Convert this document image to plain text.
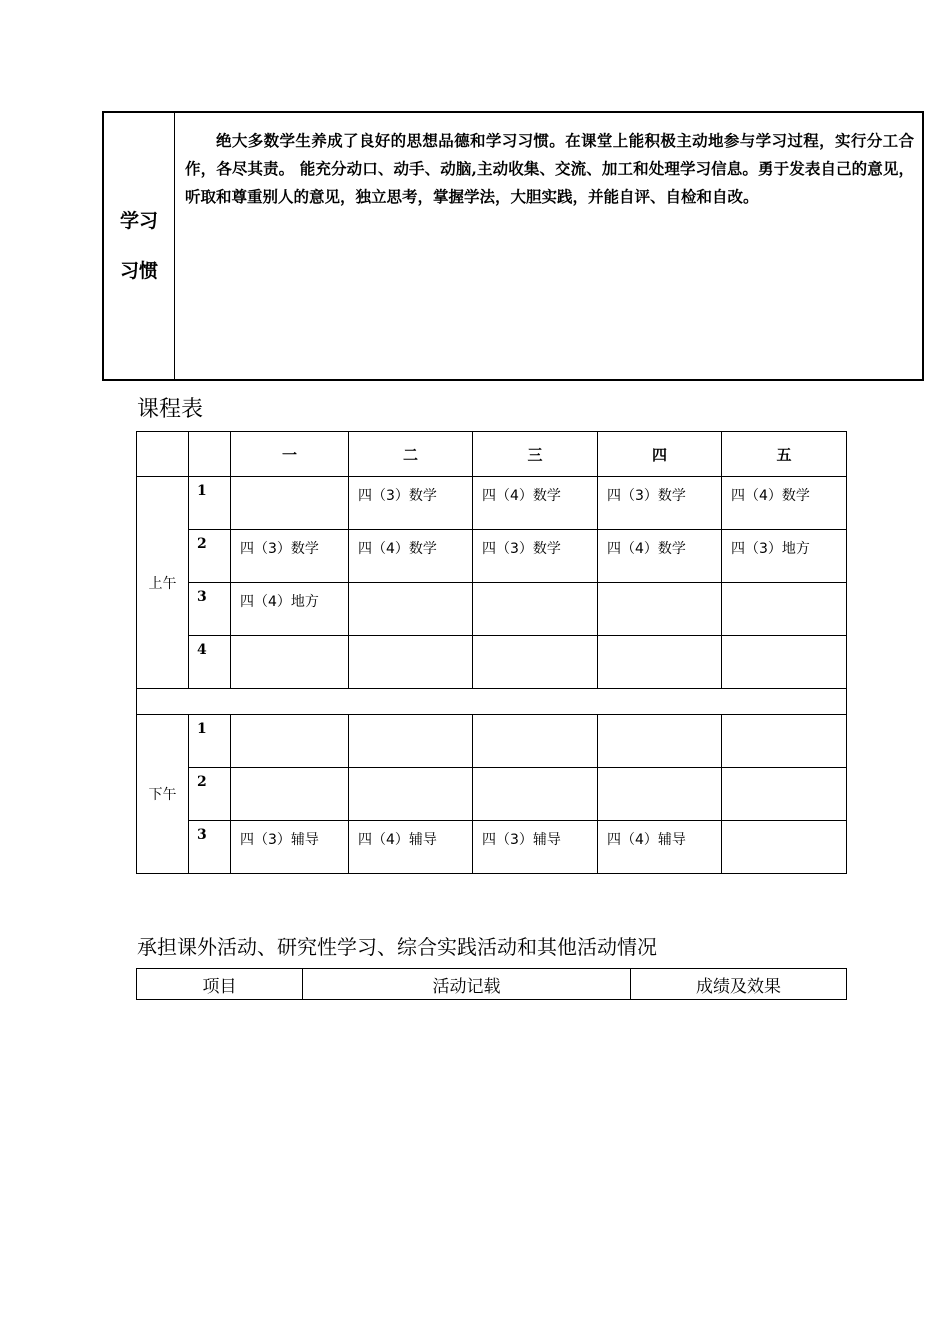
学习
习惯
绝大多数学生养成了良好的思想品德和学习习惯。在课堂上能积极主动地参与学习过程，实行分工合作，各尽其责。 能充分动口、动手、动脑,主动收集、交流、加工和处理学习信息。勇于发表自己的意见，听取和尊重别人的意见，独立思考，掌握学法，大胆实践，并能自评、自检和自改。
课程表
		一	二	三	四	五
上午	1		四（3）数学	四（4）数学	四（3）数学	四（4）数学
	2	四（3）数学	四（4）数学	四（3）数学	四（4）数学	四（3）地方
	3	四（4）地方				
	4					

下午	1					
	2					
	3	四（3）辅导	四（4）辅导	四（3）辅导	四（4）辅导	
承担课外活动、研究性学习、综合实践活动和其他活动情况
项目	活动记载	成绩及效果
